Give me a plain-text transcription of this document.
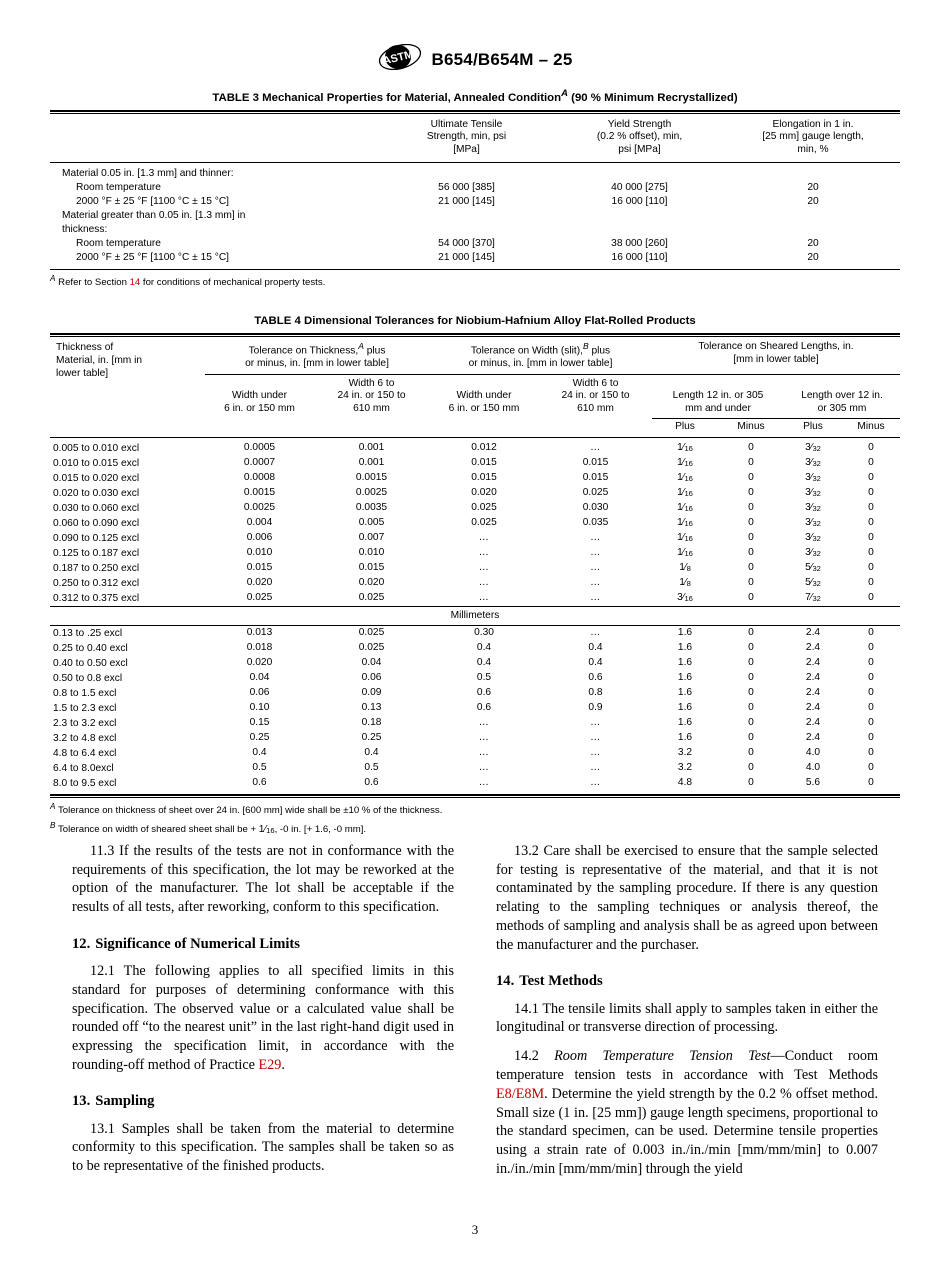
ASTM B654/B654M – 25
TABLE 3 Mechanical Properties for Material, Annealed Condition$^A$ (90 % Minimum Recrystallized)
	Ultimate Tensile
Strength, min, psi
[MPa]	Yield Strength
(0.2 % offset), min,
psi [MPa]	Elongation in 1 in.
[25 mm] gauge length,
min, %
Material 0.05 in. [1.3 mm] and thinner:			
Room temperature	56 000 [385]	40 000 [275]	20
2000 °F ± 25 °F [1100 °C ± 15 °C]	21 000 [145]	16 000 [110]	20
Material greater than 0.05 in. [1.3 mm] in			
thickness:			
Room temperature	54 000 [370]	38 000 [260]	20
2000 °F ± 25 °F [1100 °C ± 15 °C]	21 000 [145]	16 000 [110]	20
$^A$ Refer to Section 14 for conditions of mechanical property tests.
TABLE 4 Dimensional Tolerances for Niobium-Hafnium Alloy Flat-Rolled Products
Thickness of
Material, in. [mm in
lower table]	Tolerance on Thickness,$^A$ plus
or minus, in. [mm in lower table]		Tolerance on Width (slit),$^B$ plus
or minus, in. [mm in lower table]		Tolerance on Sheared Lengths, in.
[mm in lower table]			
	Width under
6 in. or 150 mm	Width 6 to
24 in. or 150 to
610 mm	Width under
6 in. or 150 mm	Width 6 to
24 in. or 150 to
610 mm	Length 12 in. or 305
mm and under		Length over 12 in.
or 305 mm	
					Plus	Minus	Plus	Minus
0.005 to 0.010 excl	0.0005	0.001	0.012	…	1⁄16	0	3⁄32	0
0.010 to 0.015 excl	0.0007	0.001	0.015	0.015	1⁄16	0	3⁄32	0
0.015 to 0.020 excl	0.0008	0.0015	0.015	0.015	1⁄16	0	3⁄32	0
0.020 to 0.030 excl	0.0015	0.0025	0.020	0.025	1⁄16	0	3⁄32	0
0.030 to 0.060 excl	0.0025	0.0035	0.025	0.030	1⁄16	0	3⁄32	0
0.060 to 0.090 excl	0.004	0.005	0.025	0.035	1⁄16	0	3⁄32	0
0.090 to 0.125 excl	0.006	0.007	…	…	1⁄16	0	3⁄32	0
0.125 to 0.187 excl	0.010	0.010	…	…	1⁄16	0	3⁄32	0
0.187 to 0.250 excl	0.015	0.015	…	…	1⁄8	0	5⁄32	0
0.250 to 0.312 excl	0.020	0.020	…	…	1⁄8	0	5⁄32	0
0.312 to 0.375 excl	0.025	0.025	…	…	3⁄16	0	7⁄32	0
Millimeters								
0.13 to .25 excl	0.013	0.025	0.30	…	1.6	0	2.4	0
0.25 to 0.40 excl	0.018	0.025	0.4	0.4	1.6	0	2.4	0
0.40 to 0.50 excl	0.020	0.04	0.4	0.4	1.6	0	2.4	0
0.50 to 0.8 excl	0.04	0.06	0.5	0.6	1.6	0	2.4	0
0.8 to 1.5 excl	0.06	0.09	0.6	0.8	1.6	0	2.4	0
1.5 to 2.3 excl	0.10	0.13	0.6	0.9	1.6	0	2.4	0
2.3 to 3.2 excl	0.15	0.18	…	…	1.6	0	2.4	0
3.2 to 4.8 excl	0.25	0.25	…	…	1.6	0	2.4	0
4.8 to 6.4 excl	0.4	0.4	…	…	3.2	0	4.0	0
6.4 to 8.0excl	0.5	0.5	…	…	3.2	0	4.0	0
8.0 to 9.5 excl	0.6	0.6	…	…	4.8	0	5.6	0
$^A$ Tolerance on thickness of sheet over 24 in. [600 mm] wide shall be ±10 % of the thickness.
$^B$ Tolerance on width of sheared sheet shall be + 1⁄16, -0 in. [+ 1.6, -0 mm].

11.3 If the results of the tests are not in conformance with the requirements of this specification, the lot may be reworked at the option of the manufacturer. The lot shall be acceptable if the results of all tests, after reworking, conform to this specification.

12. Significance of Numerical Limits

12.1 The following applies to all specified limits in this standard for purposes of determining conformance with this specification. The observed value or a calculated value shall be rounded off “to the nearest unit” in the last right-hand digit used in expressing the specification limit, in accordance with the rounding-off method of Practice E29.

13. Sampling

13.1 Samples shall be taken from the material to determine conformity to this specification. The samples shall be taken so as to be representative of the finished products.

13.2 Care shall be exercised to ensure that the sample selected for testing is representative of the material, and that it is not contaminated by the sampling procedure. If there is any question relating to the sampling techniques or analysis thereof, the methods of sampling and analysis shall be as agreed upon between the manufacturer and the purchaser.

14. Test Methods

14.1 The tensile limits shall apply to samples taken in either the longitudinal or transverse direction of processing.

14.2 Room Temperature Tension Test—Conduct room temperature tension tests in accordance with Test Methods E8/E8M. Determine the yield strength by the 0.2 % offset method. Small size (1 in. [25 mm]) gauge length specimens, proportional to the standard specimen, can be used. Determine tensile properties using a strain rate of 0.003 in./in./min [mm/mm/min] to 0.007 in./in./min [mm/mm/min] through the yield

3
